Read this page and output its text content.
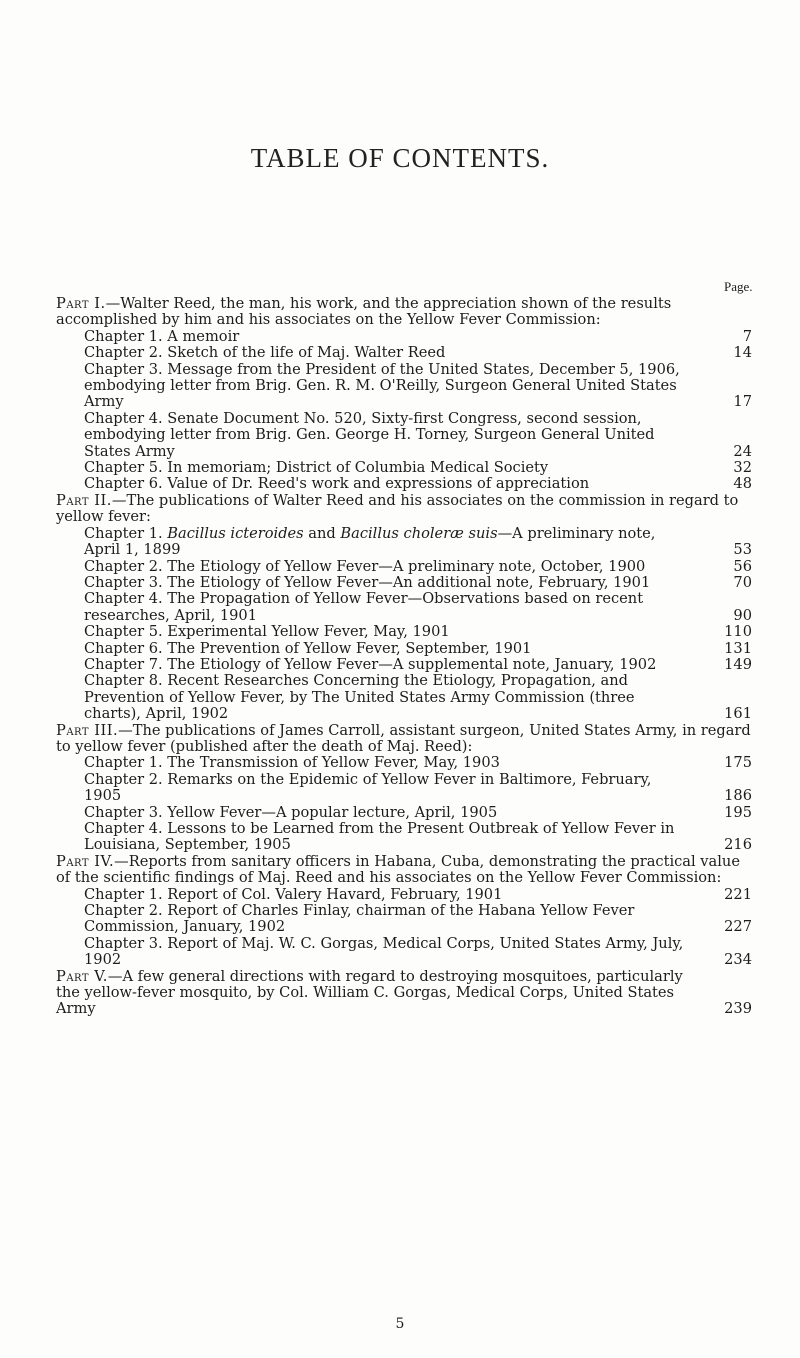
TABLE OF CONTENTS.
Page.
Part I.—Walter Reed, the man, his work, and the appreciation shown of the results accomplished by him and his associates on the Yellow Fever Commission:
Chapter 1. A memoir	7
Chapter 2. Sketch of the life of Maj. Walter Reed	14
Chapter 3. Message from the President of the United States, December 5, 1906, embodying letter from Brig. Gen. R. M. O'Reilly, Surgeon General United States Army	17
Chapter 4. Senate Document No. 520, Sixty-first Congress, second session, embodying letter from Brig. Gen. George H. Torney, Surgeon General United States Army	24
Chapter 5. In memoriam; District of Columbia Medical Society	32
Chapter 6. Value of Dr. Reed's work and expressions of appreciation	48
Part II.—The publications of Walter Reed and his associates on the commission in regard to yellow fever:
Chapter 1. Bacillus icteroides and Bacillus choleræ suis—A preliminary note, April 1, 1899	53
Chapter 2. The Etiology of Yellow Fever—A preliminary note, October, 1900	56
Chapter 3. The Etiology of Yellow Fever—An additional note, February, 1901	70
Chapter 4. The Propagation of Yellow Fever—Observations based on recent researches, April, 1901	90
Chapter 5. Experimental Yellow Fever, May, 1901	110
Chapter 6. The Prevention of Yellow Fever, September, 1901	131
Chapter 7. The Etiology of Yellow Fever—A supplemental note, January, 1902	149
Chapter 8. Recent Researches Concerning the Etiology, Propagation, and Prevention of Yellow Fever, by The United States Army Commission (three charts), April, 1902	161
Part III.—The publications of James Carroll, assistant surgeon, United States Army, in regard to yellow fever (published after the death of Maj. Reed):
Chapter 1. The Transmission of Yellow Fever, May, 1903	175
Chapter 2. Remarks on the Epidemic of Yellow Fever in Baltimore, February, 1905	186
Chapter 3. Yellow Fever—A popular lecture, April, 1905	195
Chapter 4. Lessons to be Learned from the Present Outbreak of Yellow Fever in Louisiana, September, 1905	216
Part IV.—Reports from sanitary officers in Habana, Cuba, demonstrating the practical value of the scientific findings of Maj. Reed and his associates on the Yellow Fever Commission:
Chapter 1. Report of Col. Valery Havard, February, 1901	221
Chapter 2. Report of Charles Finlay, chairman of the Habana Yellow Fever Commission, January, 1902	227
Chapter 3. Report of Maj. W. C. Gorgas, Medical Corps, United States Army, July, 1902	234
Part V.—A few general directions with regard to destroying mosquitoes, particularly the yellow-fever mosquito, by Col. William C. Gorgas, Medical Corps, United States Army	239
5
